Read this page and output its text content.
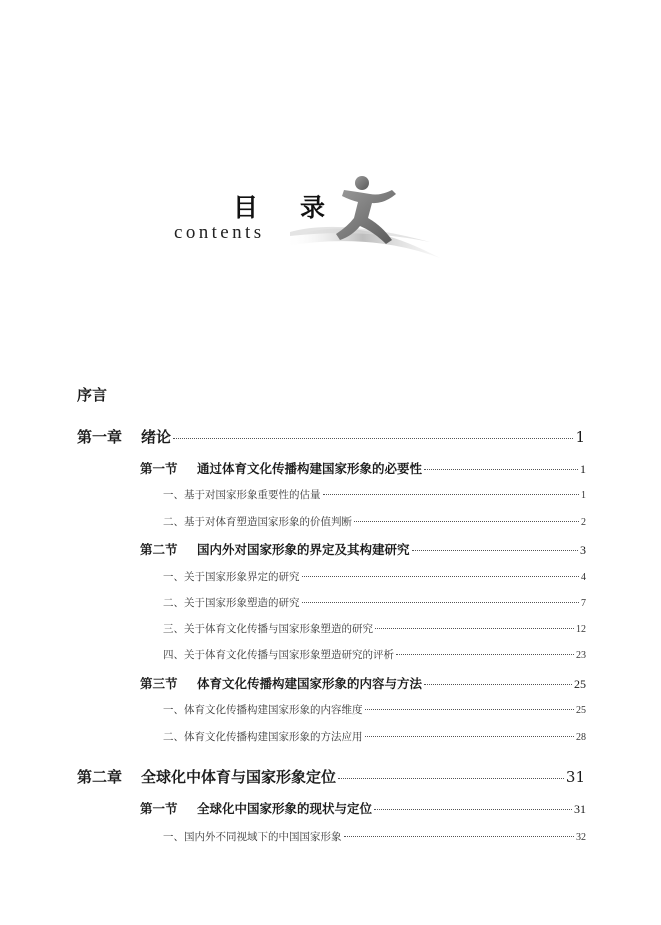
目 录
contents
序言
第一章 绪论	1
第一节 通过体育文化传播构建国家形象的必要性	1
一、基于对国家形象重要性的估量	1
二、基于对体育塑造国家形象的价值判断	2
第二节 国内外对国家形象的界定及其构建研究	3
一、关于国家形象界定的研究	4
二、关于国家形象塑造的研究	7
三、关于体育文化传播与国家形象塑造的研究	12
四、关于体育文化传播与国家形象塑造研究的评析	23
第三节 体育文化传播构建国家形象的内容与方法	25
一、体育文化传播构建国家形象的内容维度	25
二、体育文化传播构建国家形象的方法应用	28
第二章 全球化中体育与国家形象定位	31
第一节 全球化中国家形象的现状与定位	31
一、国内外不同视域下的中国国家形象	32
